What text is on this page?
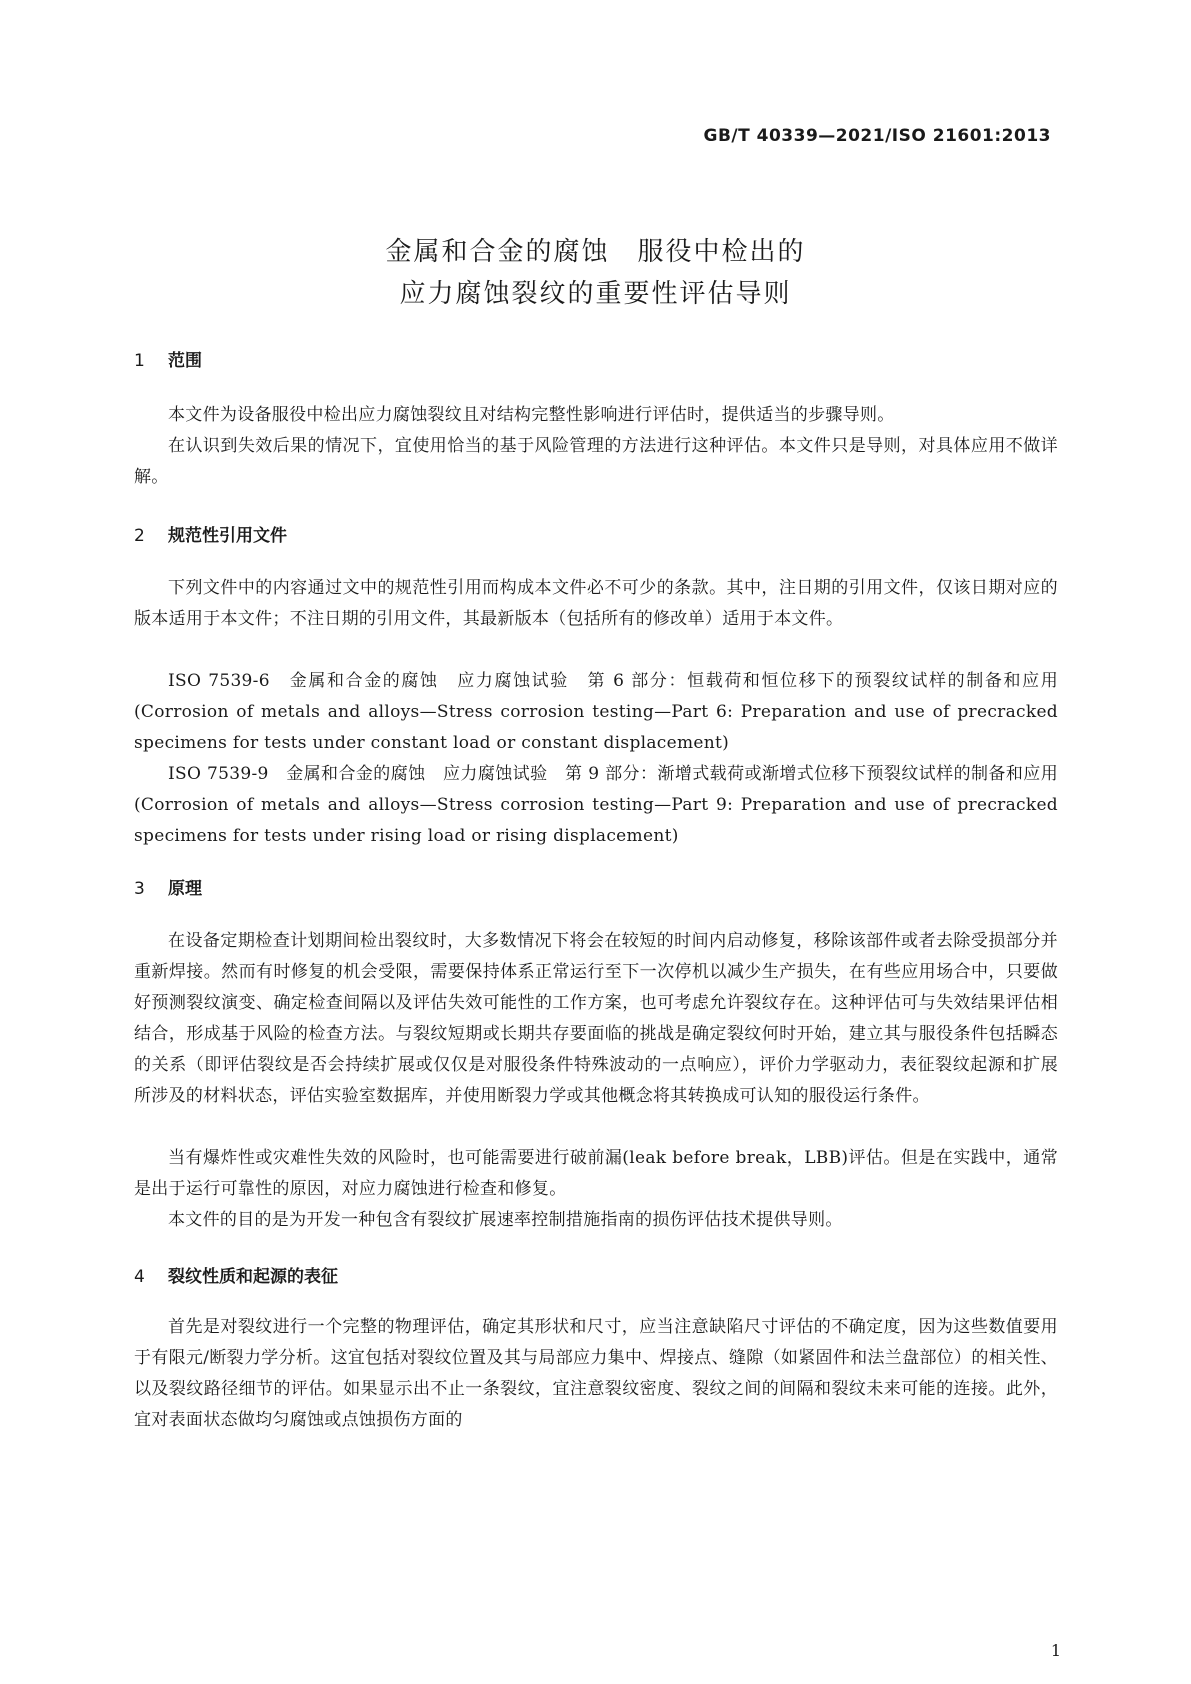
GB/T 40339—2021/ISO 21601:2013
金属和合金的腐蚀　服役中检出的
应力腐蚀裂纹的重要性评估导则
1 范围
本文件为设备服役中检出应力腐蚀裂纹且对结构完整性影响进行评估时，提供适当的步骤导则。
在认识到失效后果的情况下，宜使用恰当的基于风险管理的方法进行这种评估。本文件只是导则，对具体应用不做详解。
2 规范性引用文件
下列文件中的内容通过文中的规范性引用而构成本文件必不可少的条款。其中，注日期的引用文件，仅该日期对应的版本适用于本文件；不注日期的引用文件，其最新版本（包括所有的修改单）适用于本文件。
ISO 7539-6　金属和合金的腐蚀　应力腐蚀试验　第 6 部分：恒载荷和恒位移下的预裂纹试样的制备和应用(Corrosion of metals and alloys—Stress corrosion testing—Part 6: Preparation and use of precracked specimens for tests under constant load or constant displacement)
ISO 7539-9　金属和合金的腐蚀　应力腐蚀试验　第 9 部分：渐增式载荷或渐增式位移下预裂纹试样的制备和应用(Corrosion of metals and alloys—Stress corrosion testing—Part 9: Preparation and use of precracked specimens for tests under rising load or rising displacement)
3 原理
在设备定期检查计划期间检出裂纹时，大多数情况下将会在较短的时间内启动修复，移除该部件或者去除受损部分并重新焊接。然而有时修复的机会受限，需要保持体系正常运行至下一次停机以减少生产损失，在有些应用场合中，只要做好预测裂纹演变、确定检查间隔以及评估失效可能性的工作方案，也可考虑允许裂纹存在。这种评估可与失效结果评估相结合，形成基于风险的检查方法。与裂纹短期或长期共存要面临的挑战是确定裂纹何时开始，建立其与服役条件包括瞬态的关系（即评估裂纹是否会持续扩展或仅仅是对服役条件特殊波动的一点响应），评价力学驱动力，表征裂纹起源和扩展所涉及的材料状态，评估实验室数据库，并使用断裂力学或其他概念将其转换成可认知的服役运行条件。
当有爆炸性或灾难性失效的风险时，也可能需要进行破前漏(leak before break，LBB)评估。但是在实践中，通常是出于运行可靠性的原因，对应力腐蚀进行检查和修复。
本文件的目的是为开发一种包含有裂纹扩展速率控制措施指南的损伤评估技术提供导则。
4 裂纹性质和起源的表征
首先是对裂纹进行一个完整的物理评估，确定其形状和尺寸，应当注意缺陷尺寸评估的不确定度，因为这些数值要用于有限元/断裂力学分析。这宜包括对裂纹位置及其与局部应力集中、焊接点、缝隙（如紧固件和法兰盘部位）的相关性、以及裂纹路径细节的评估。如果显示出不止一条裂纹，宜注意裂纹密度、裂纹之间的间隔和裂纹未来可能的连接。此外，宜对表面状态做均匀腐蚀或点蚀损伤方面的
1
